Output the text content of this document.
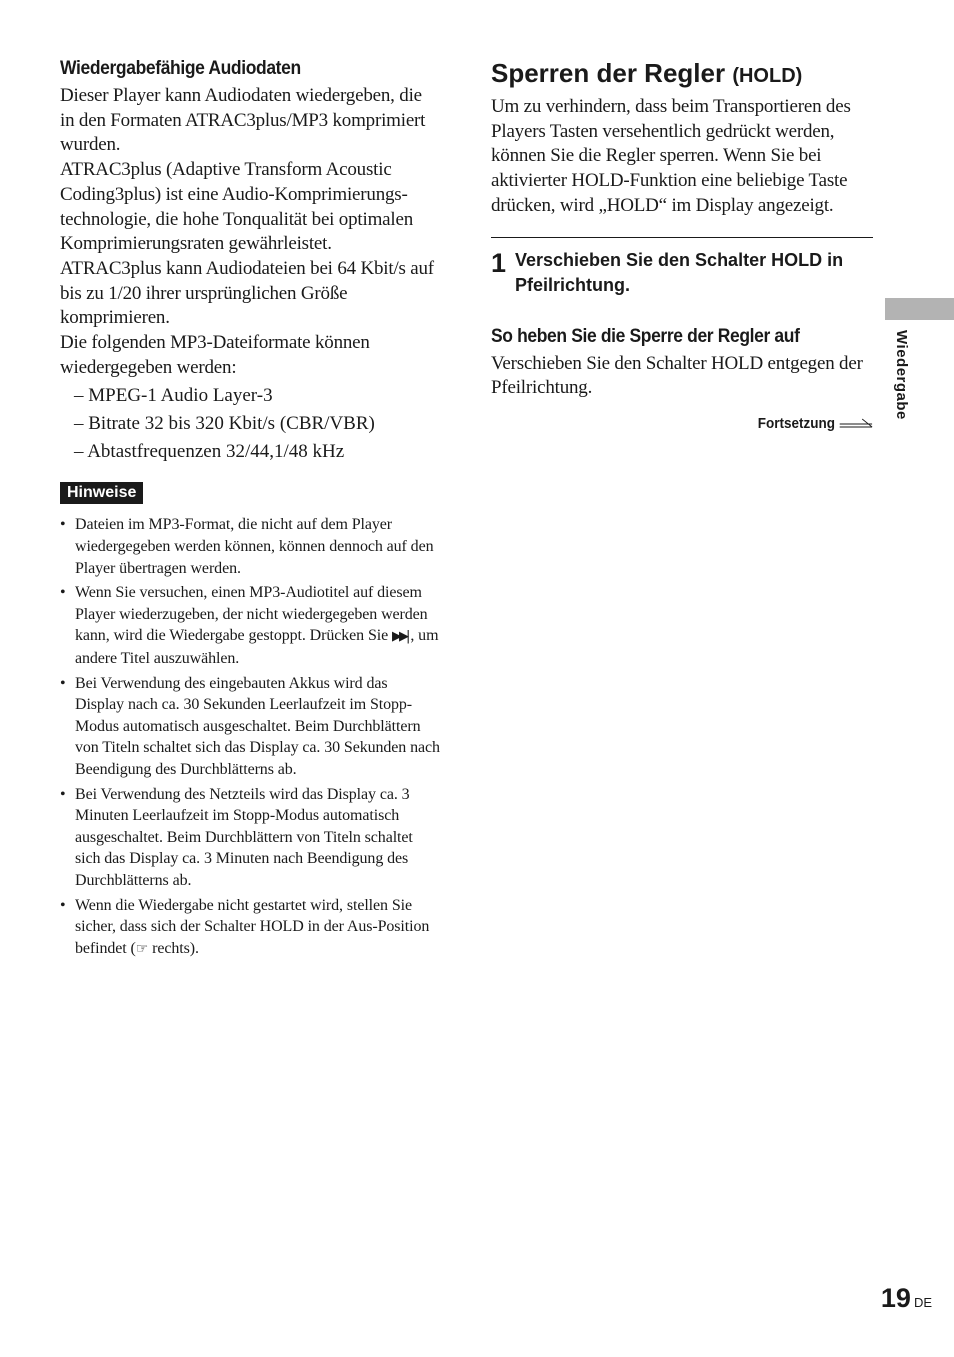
Wiedergabefähige Audiodaten

Dieser Player kann Audiodaten wiedergeben, die in den Formaten ATRAC3plus/MP3 komprimiert wurden.

ATRAC3plus (Adaptive Transform Acoustic Coding3plus) ist eine Audio-Komprimierungs-technologie, die hohe Tonqualität bei optimalen Komprimierungsraten gewährleistet.

ATRAC3plus kann Audiodateien bei 64 Kbit/s auf bis zu 1/20 ihrer ursprünglichen Größe komprimieren.

Die folgenden MP3-Dateiformate können wiedergegeben werden:

– MPEG-1 Audio Layer-3
– Bitrate 32 bis 320 Kbit/s (CBR/VBR)
– Abtastfrequenzen 32/44,1/48 kHz
Hinweise
• Dateien im MP3-Format, die nicht auf dem Player wiedergegeben werden können, können dennoch auf den Player übertragen werden.
• Wenn Sie versuchen, einen MP3-Audiotitel auf diesem Player wiederzugeben, der nicht wiedergegeben werden kann, wird die Wiedergabe gestoppt. Drücken Sie ▶▶| , um andere Titel auszuwählen.
• Bei Verwendung des eingebauten Akkus wird das Display nach ca. 30 Sekunden Leerlaufzeit im Stopp-Modus automatisch ausgeschaltet. Beim Durchblättern von Titeln schaltet sich das Display ca. 30 Sekunden nach Beendigung des Durchblätterns ab.
• Bei Verwendung des Netzteils wird das Display ca. 3 Minuten Leerlaufzeit im Stopp-Modus automatisch ausgeschaltet. Beim Durchblättern von Titeln schaltet sich das Display ca. 3 Minuten nach Beendigung des Durchblätterns ab.
• Wenn die Wiedergabe nicht gestartet wird, stellen Sie sicher, dass sich der Schalter HOLD in der Aus-Position befindet (☞ rechts).
Sperren der Regler (HOLD)

Um zu verhindern, dass beim Transportieren des Players Tasten versehentlich gedrückt werden, können Sie die Regler sperren. Wenn Sie bei aktivierter HOLD-Funktion eine beliebige Taste drücken, wird „HOLD“ im Display angezeigt.

1 Verschieben Sie den Schalter HOLD in Pfeilrichtung.
So heben Sie die Sperre der Regler auf

Verschieben Sie den Schalter HOLD entgegen der Pfeilrichtung.

Fortsetzung
Wiedergabe
19 DE
